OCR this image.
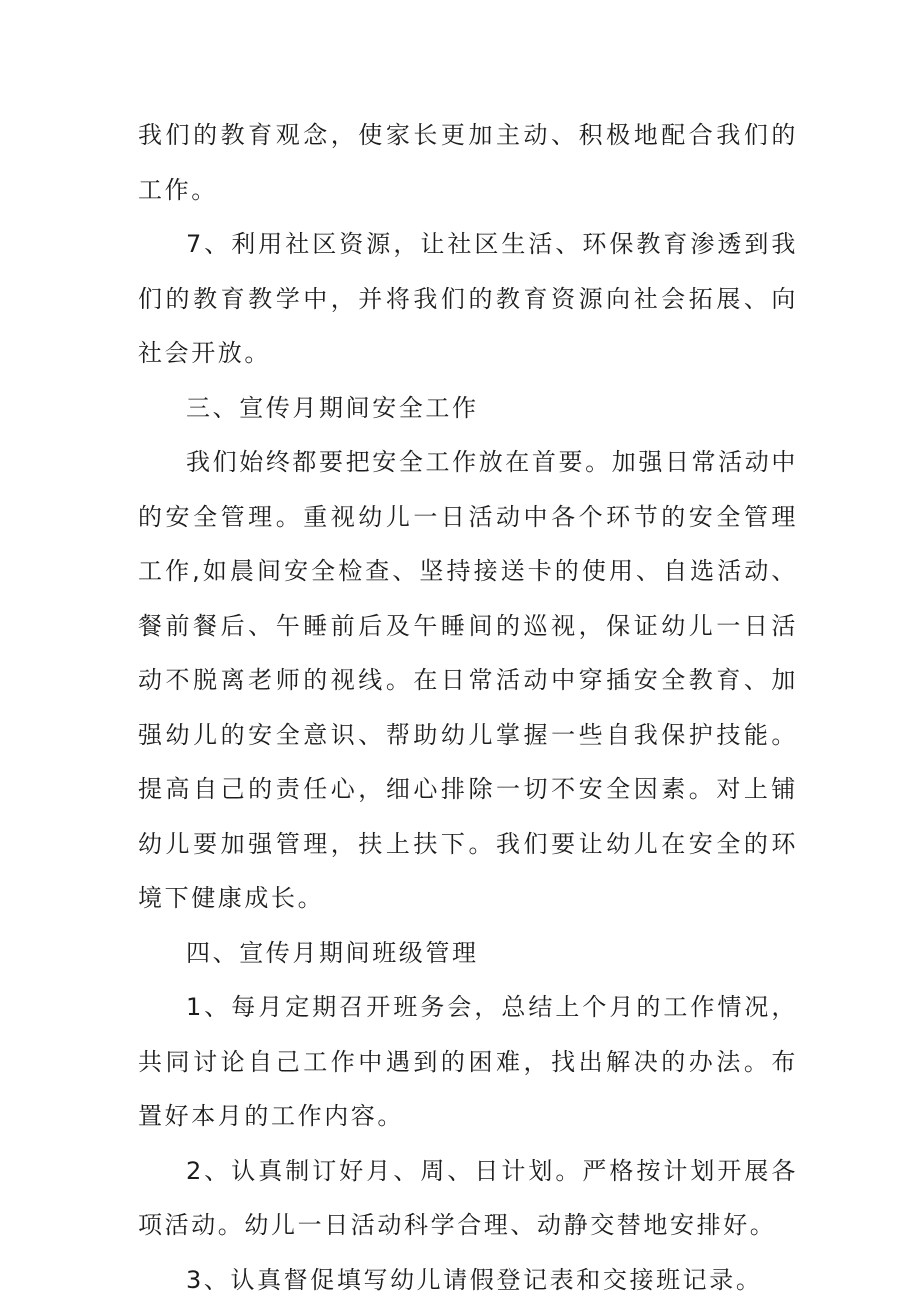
我们的教育观念，使家长更加主动、积极地配合我们的工作。

7、利用社区资源，让社区生活、环保教育渗透到我们的教育教学中，并将我们的教育资源向社会拓展、向社会开放。

三、宣传月期间安全工作

我们始终都要把安全工作放在首要。加强日常活动中的安全管理。重视幼儿一日活动中各个环节的安全管理工作,如晨间安全检查、坚持接送卡的使用、自选活动、餐前餐后、午睡前后及午睡间的巡视，保证幼儿一日活动不脱离老师的视线。在日常活动中穿插安全教育、加强幼儿的安全意识、帮助幼儿掌握一些自我保护技能。提高自己的责任心，细心排除一切不安全因素。对上铺幼儿要加强管理，扶上扶下。我们要让幼儿在安全的环境下健康成长。

四、宣传月期间班级管理

1、每月定期召开班务会，总结上个月的工作情况，共同讨论自己工作中遇到的困难，找出解决的办法。布置好本月的工作内容。

2、认真制订好月、周、日计划。严格按计划开展各项活动。幼儿一日活动科学合理、动静交替地安排好。

3、认真督促填写幼儿请假登记表和交接班记录。
